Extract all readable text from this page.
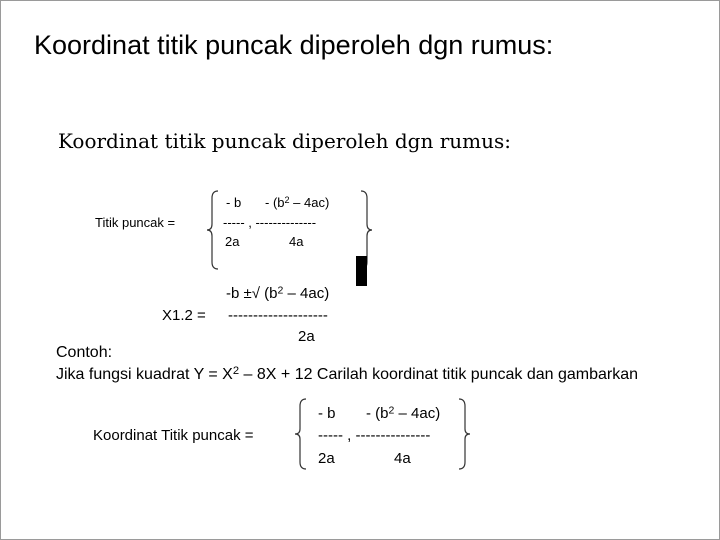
Koordinat titik puncak diperoleh dgn rumus:
Koordinat titik puncak diperoleh dgn rumus:
Titik puncak =
- b - $(b^2 - 4ac)$
----- , --------------
2a	4a
-b ±√ $(b^2 - 4ac)$
X1.2 = --------------------
2a
Contoh:
Jika fungsi kuadrat $Y = X^2 - 8X + 12$ Carilah koordinat titik puncak dan gambarkan
Koordinat Titik puncak =
- b - $(b^2 - 4ac)$
----- , ---------------
2a	4a
